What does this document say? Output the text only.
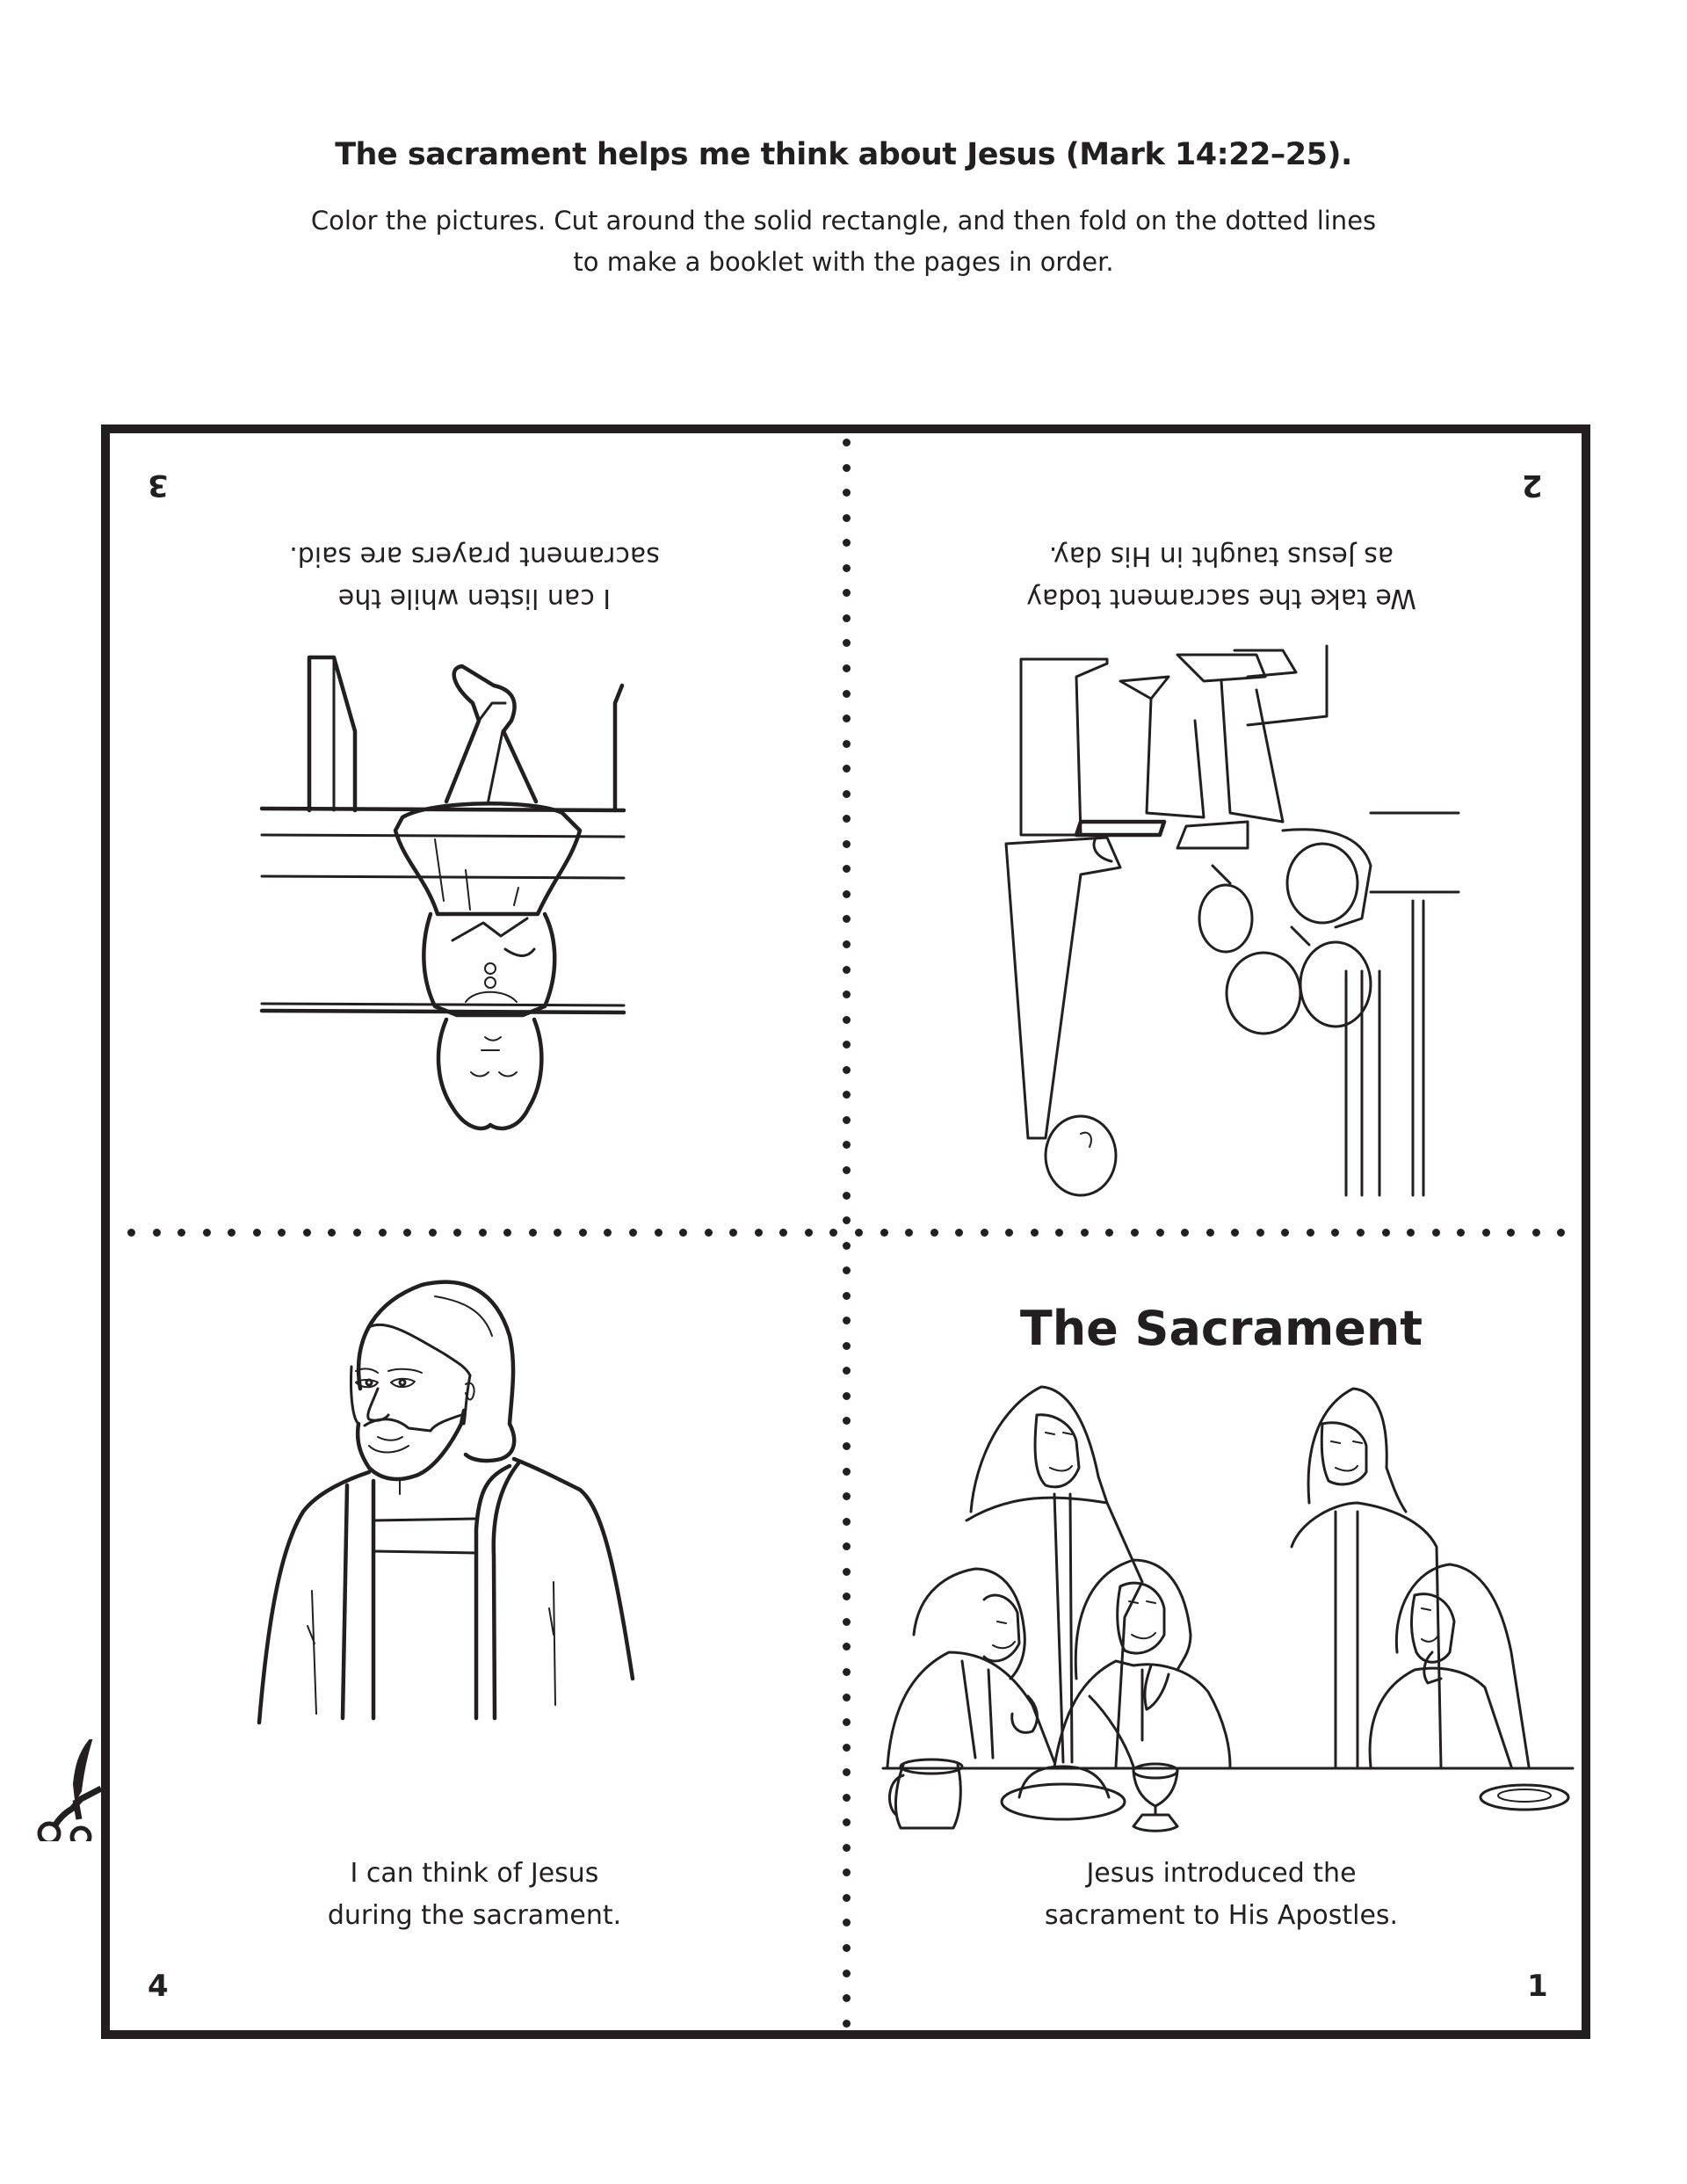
The sacrament helps me think about Jesus (Mark 14:22–25).
Color the pictures. Cut around the solid rectangle, and then fold on the dotted lines
to make a booklet with the pages in order.
3
I can listen while the
sacrament prayers are said.
2
We take the sacrament today
as Jesus taught in His day.
I can think of Jesus
during the sacrament.
4
The Sacrament
Jesus introduced the
sacrament to His Apostles.
1
